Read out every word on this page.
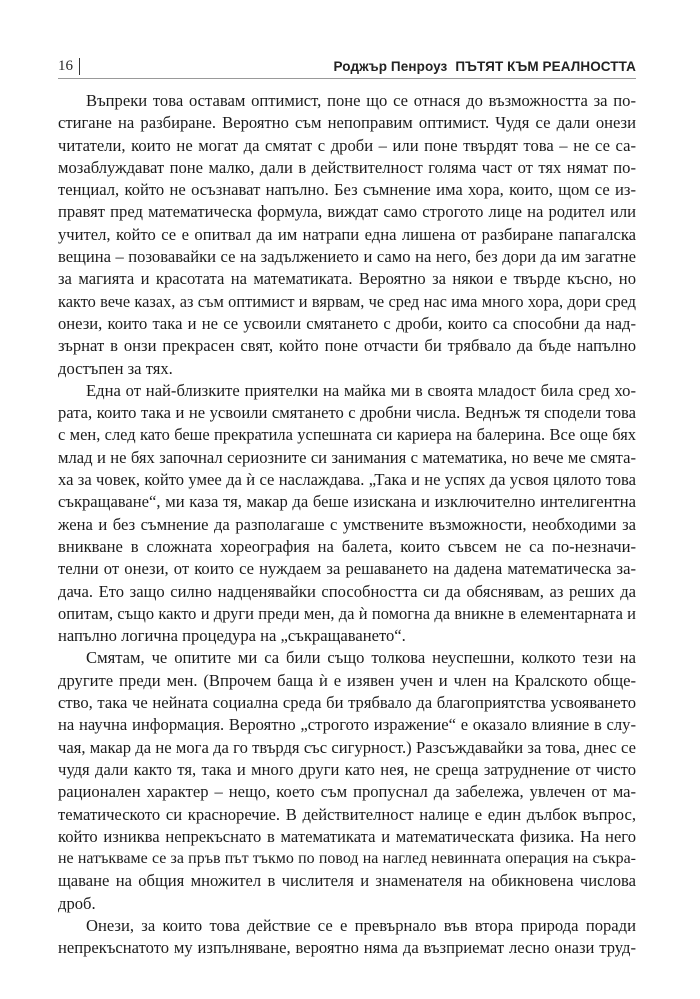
16	Роджър Пенроуз ПЪТЯТ КЪМ РЕАЛНОСТТА
Въпреки това оставам оптимист, поне що се отнася до възможността за по-
стигане на разбиране. Вероятно съм непоправим оптимист. Чудя се дали онези
читатели, които не могат да смятат с дроби – или поне твърдят това – не се са-
мозаблуждават поне малко, дали в действителност голяма част от тях нямат по-
тенциал, който не осъзнават напълно. Без съмнение има хора, които, щом се из-
правят пред математическа формула, виждат само строгото лице на родител или
учител, който се е опитвал да им натрапи една лишена от разбиране папагалска
вещина – позовавайки се на задължението и само на него, без дори да им загатне
за магията и красотата на математиката. Вероятно за някои е твърде късно, но
както вече казах, аз съм оптимист и вярвам, че сред нас има много хора, дори сред
онези, които така и не се усвоили смятането с дроби, които са способни да над-
зърнат в онзи прекрасен свят, който поне отчасти би трябвало да бъде напълно
достъпен за тях.
Една от най-близките приятелки на майка ми в своята младост била сред хо-
рата, които така и не усвоили смятането с дробни числа. Веднъж тя сподели това
с мен, след като беше прекратила успешната си кариера на балерина. Все още бях
млад и не бях започнал сериозните си занимания с математика, но вече ме смята-
ха за човек, който умее да ѝ се наслаждава. „Така и не успях да усвоя цялото това
съкращаване“, ми каза тя, макар да беше изискана и изключително интелигентна
жена и без съмнение да разполагаше с умствените възможности, необходими за
вникване в сложната хореография на балета, които съвсем не са по-незначи-
телни от онези, от които се нуждаем за решаването на дадена математическа за-
дача. Ето защо силно надценявайки способността си да обяснявам, аз реших да
опитам, също както и други преди мен, да ѝ помогна да вникне в елементарната и
напълно логична процедура на „съкращаването“.
Смятам, че опитите ми са били също толкова неуспешни, колкото тези на
другите преди мен. (Впрочем баща ѝ е изявен учен и член на Кралското обще-
ство, така че нейната социална среда би трябвало да благоприятства усвояването
на научна информация. Вероятно „строгото изражение“ е оказало влияние в слу-
чая, макар да не мога да го твърдя със сигурност.) Разсъждавайки за това, днес се
чудя дали както тя, така и много други като нея, не среща затруднение от чисто
рационален характер – нещо, което съм пропуснал да забележа, увлечен от ма-
тематическото си красноречие. В действителност налице е един дълбок въпрос,
който изниква непрекъснато в математиката и математическата физика. На него
не натъкваме се за пръв път тъкмо по повод на наглед невинната операция на съкра-
щаване на общия множител в числителя и знаменателя на обикновена числова
дроб.
Онези, за които това действие се е превърнало във втора природа поради
непрекъснатото му изпълняване, вероятно няма да възприемат лесно онази труд-
